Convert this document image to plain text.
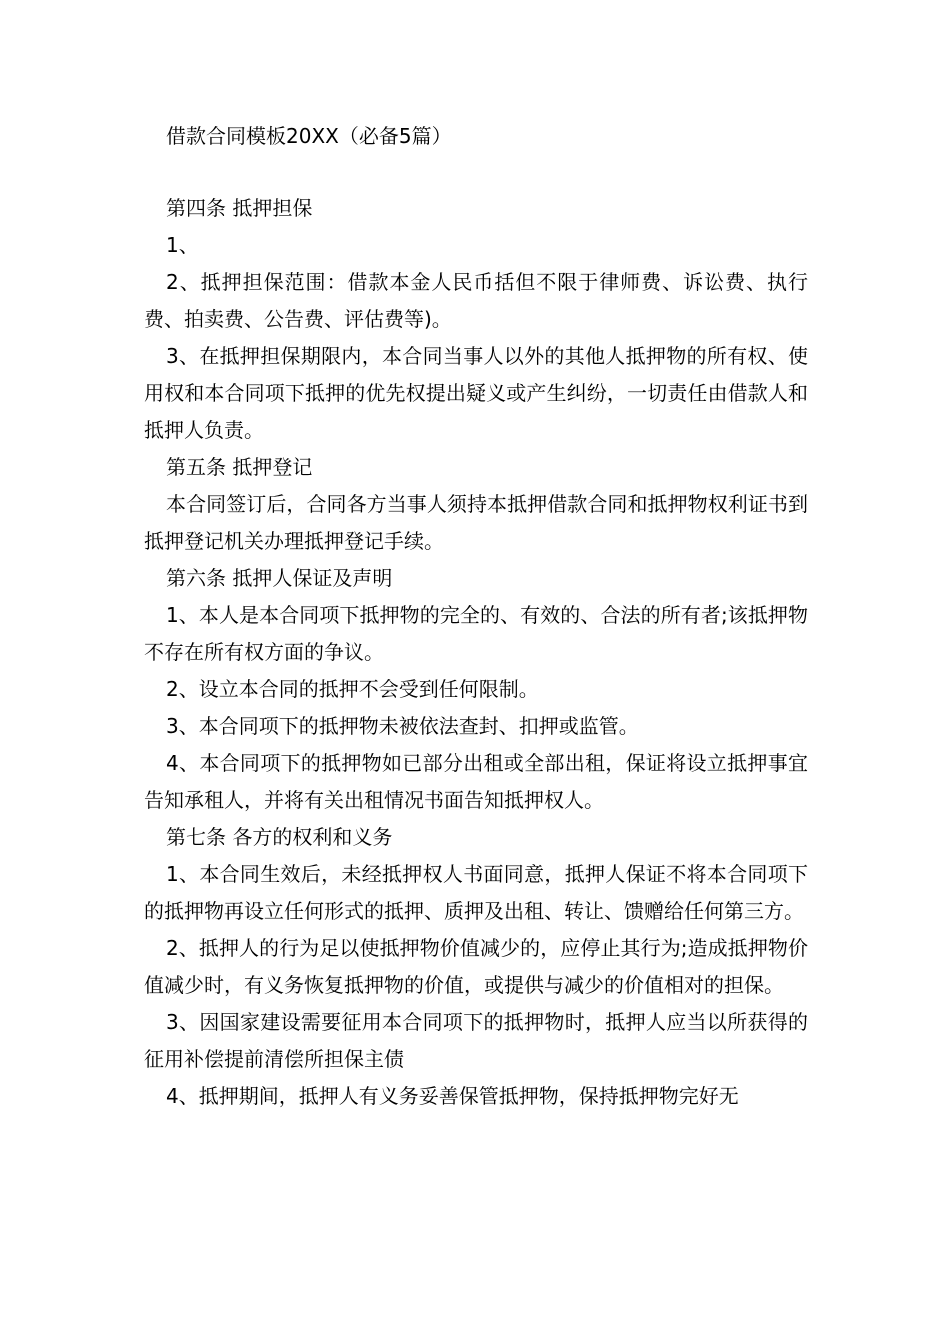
借款合同模板20XX（必备5篇）

第四条 抵押担保

1、

2、抵押担保范围：借款本金人民币括但不限于律师费、诉讼费、执行费、拍卖费、公告费、评估费等)。

3、在抵押担保期限内，本合同当事人以外的其他人抵押物的所有权、使用权和本合同项下抵押的优先权提出疑义或产生纠纷，一切责任由借款人和抵押人负责。

第五条 抵押登记

本合同签订后，合同各方当事人须持本抵押借款合同和抵押物权利证书到抵押登记机关办理抵押登记手续。

第六条 抵押人保证及声明

1、本人是本合同项下抵押物的完全的、有效的、合法的所有者;该抵押物不存在所有权方面的争议。

2、设立本合同的抵押不会受到任何限制。

3、本合同项下的抵押物未被依法查封、扣押或监管。

4、本合同项下的抵押物如已部分出租或全部出租，保证将设立抵押事宜告知承租人，并将有关出租情况书面告知抵押权人。

第七条 各方的权利和义务

1、本合同生效后，未经抵押权人书面同意，抵押人保证不将本合同项下的抵押物再设立任何形式的抵押、质押及出租、转让、馈赠给任何第三方。

2、抵押人的行为足以使抵押物价值减少的，应停止其行为;造成抵押物价值减少时，有义务恢复抵押物的价值，或提供与减少的价值相对的担保。

3、因国家建设需要征用本合同项下的抵押物时，抵押人应当以所获得的征用补偿提前清偿所担保主债

4、抵押期间，抵押人有义务妥善保管抵押物，保持抵押物完好无
